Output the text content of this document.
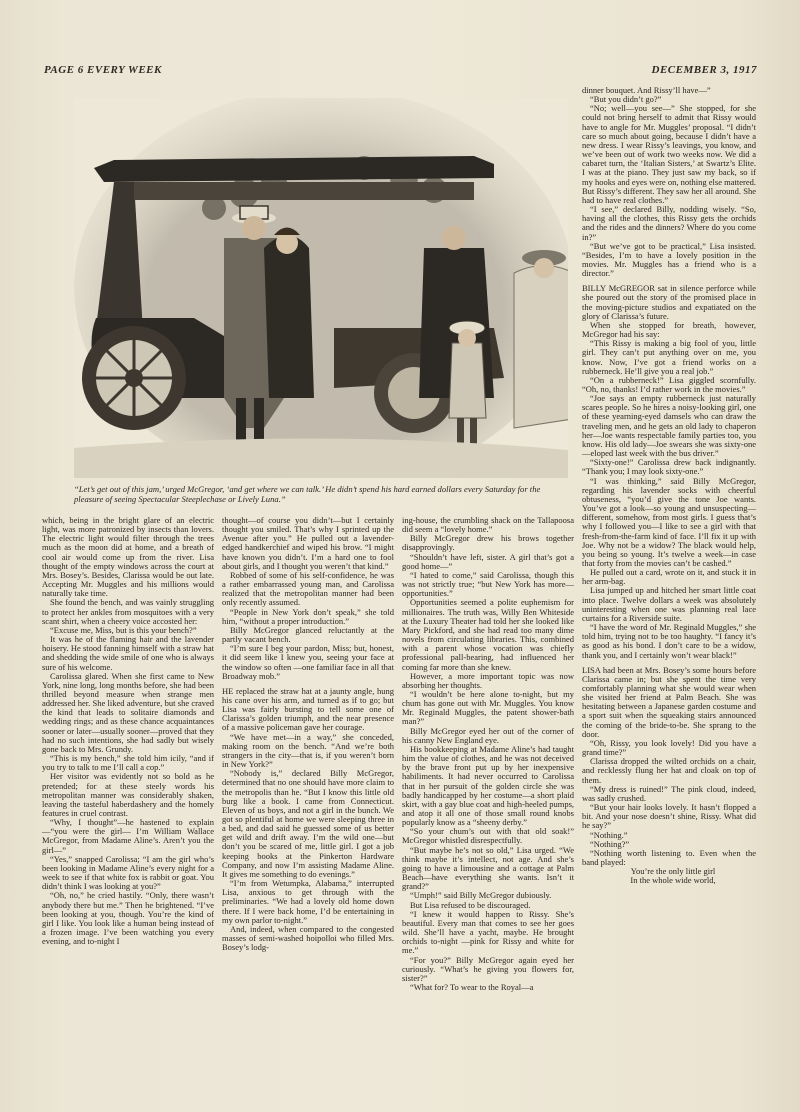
PAGE 6 EVERY WEEK	DECEMBER 3, 1917
“Let’s get out of this jam,’ urged McGregor, ‘and get where we can talk.’ He didn’t spend his hard earned dollars every Saturday for the pleasure of seeing Spectacular Steeplechase or Lively Luna.”

which, being in the bright glare of an electric light, was more patronized by insects than lovers. The electric light would filter through the trees much as the moon did at home, and a breath of cool air would come up from the river. Lisa thought of the empty windows across the court at Mrs. Bosey’s. Besides, Clarissa would be out late. Accepting Mr. Muggles and his millions would naturally take time.

She found the bench, and was vainly struggling to protect her ankles from mosquitoes with a very scant shirt, when a cheery voice accosted her:

“Excuse me, Miss, but is this your bench?”

It was he of the flaming hair and the lavender hoisery. He stood fanning himself with a straw hat and shedding the wide smile of one who is always sure of his welcome.

Carolissa glared. When she first came to New York, nine long, long months before, she had been thrilled beyond measure when strange men addressed her. She liked adventure, but she craved the kind that leads to solitaire diamonds and wedding rings; and as these chance acquaintances sooner or later—usually sooner—proved that they had no such intentions, she had sadly but wisely gone back to Mrs. Grundy.

“This is my bench,” she told him icily, “and if you try to talk to me I’ll call a cop.”

Her visitor was evidently not so bold as he pretended; for at these steely words his metropolitan manner was considerably shaken, leaving the tasteful haberdashery and the homely features in cruel contrast.

“Why, I thought”—he hastened to explain—“you were the girl— I’m William Wallace McGregor, from Madame Aline’s. Aren’t you the girl—”

“Yes,” snapped Carolissa; “I am the girl who’s been looking in Madame Aline’s every night for a week to see if that white fox is rabbit or goat. You didn’t think I was looking at you?”

“Oh, no,” he cried hastily. “Only, there wasn’t anybody there but me.” Then he brightened. “I’ve been looking at you, though. You’re the kind of girl I like. You look like a human being instead of a frozen image. I’ve been watching you every evening, and to-night I

thought—of course you didn’t—but I certainly thought you smiled. That’s why I sprinted up the Avenue after you.” He pulled out a lavender-edged handkerchief and wiped his brow. “I might have known you didn’t. I’m a hard one to fool about girls, and I thought you weren’t that kind.”

Robbed of some of his self-confidence, he was a rather embarrassed young man, and Carolissa realized that the metropolitan manner had been only recently assumed.

“People in New York don’t speak,” she told him, “without a proper introduction.”

Billy McGregor glanced reluctantly at the partly vacant bench.

“I’m sure I beg your pardon, Miss; but, honest, it did seem like I knew you, seeing your face at the window so often —one familiar face in all that Broadway mob.”

HE replaced the straw hat at a jaunty angle, hung his cane over his arm, and turned as if to go; but Lisa was fairly bursting to tell some one of Clarissa’s golden triumph, and the near presence of a massive policeman gave her courage.

“We have met—in a way,” she conceded, making room on the bench. “And we’re both strangers in the city—that is, if you weren’t born in New York?”

“Nobody is,” declared Billy McGregor, determined that no one should have more claim to the metropolis than he. “But I know this little old burg like a book. I came from Connecticut. Eleven of us boys, and not a girl in the bunch. We got so plentiful at home we were sleeping three in a bed, and dad said he guessed some of us better get wild and drift away. I’m the wild one—but don’t you be scared of me, little girl. I got a job keeping books at the Pinkerton Hardware Company, and now I’m assisting Madame Aline. It gives me something to do evenings.”

“I’m from Wetumpka, Alabama,” interrupted Lisa, anxious to get through with the preliminaries. “We had a lovely old home down there. If I were back home, I’d be entertaining in my own parlor to-night.”

And, indeed, when compared to the congested masses of semi-washed hoipolloi who filled Mrs. Bosey’s lodg-

ing-house, the crumbling shack on the Tallapoosa did seem a “lovely home.”

Billy McGregor drew his brows together disapprovingly.

“Shouldn’t have left, sister. A girl that’s got a good home—”

“I hated to come,” said Carolissa, though this was not strictly true; “but New York has more—opportunities.”

Opportunities seemed a polite euphemism for millionaires. The truth was, Willy Ben Whiteside at the Luxury Theater had told her she looked like Mary Pickford, and she had read too many dime novels from circulating libraries. This, combined with a parent whose vocation was chiefly professional pall-bearing, had influenced her coming far more than she knew.

However, a more important topic was now absorbing her thoughts.

“I wouldn’t be here alone to-night, but my chum has gone out with Mr. Muggles. You know Mr. Reginald Muggles, the patent shower-bath man?”

Billy McGregor eyed her out of the corner of his canny New England eye.

His bookkeeping at Madame Aline’s had taught him the value of clothes, and he was not deceived by the brave front put up by her inexpensive habiliments. It had never occurred to Carolissa that in her pursuit of the golden circle she was badly handicapped by her costume—a short plaid skirt, with a gay blue coat and high-heeled pumps, and atop it all one of those small round knobs popularly know as a “sheeny derby.”

“So your chum’s out with that old soak!” McGregor whistled disrespectfully.

“But maybe he’s not so old,” Lisa urged. “We think maybe it’s intellect, not age. And she’s going to have a limousine and a cottage at Palm Beach—have everything she wants. Isn’t it grand?”

“Umph!” said Billy McGregor dubiously.

But Lisa refused to be discouraged.

“I knew it would happen to Rissy. She’s beautiful. Every man that comes to see her goes wild. She’ll have a yacht, maybe. He brought orchids to-night —pink for Rissy and white for me.”

“For you?” Billy McGregor again eyed her curiously. “What’s he giving you flowers for, sister?”

“What for? To wear to the Royal—a

dinner bouquet. And Rissy’ll have—”

“But you didn’t go?”

“No; well—you see—” She stopped, for she could not bring herself to admit that Rissy would have to angle for Mr. Muggles’ proposal. “I didn’t care so much about going, because I didn’t have a new dress. I wear Rissy’s leavings, you know, and we’ve been out of work two weeks now. We did a cabaret turn, the ‘Italian Sisters,’ at Swartz’s Elite. I was at the piano. They just saw my back, so if my hooks and eyes were on, nothing else mattered. But Rissy’s different. They saw her all around. She had to have real clothes.”

“I see,” declared Billy, nodding wisely. “So, having all the clothes, this Rissy gets the orchids and the rides and the dinners? Where do you come in?”

“But we’ve got to be practical,” Lisa insisted. “Besides, I’m to have a lovely position in the movies. Mr. Muggles has a friend who is a director.”

BILLY McGREGOR sat in silence perforce while she poured out the story of the promised place in the moving-picture studios and expatiated on the glory of Clarissa’s future.

When she stopped for breath, however, McGregor had his say:

“This Rissy is making a big fool of you, little girl. They can’t put anything over on me, you know. Now, I’ve got a friend works on a rubberneck. He’ll give you a real job.”

“On a rubberneck!” Lisa giggled scornfully. “Oh, no, thanks! I’d rather work in the movies.”

“Joe says an empty rubberneck just naturally scares people. So he hires a noisy-looking girl, one of these yearning-eyed damsels who can draw the traveling men, and he gets an old lady to chaperon her—Joe wants respectable family parties too, you know. His old lady—Joe swears she was sixty-one—eloped last week with the bus driver.”

“Sixty-one!” Carolissa drew back indignantly. “Thank you; I may look sixty-one.”

“I was thinking,” said Billy McGregor, regarding his lavender socks with cheerful obtuseness, “you’d give the tone Joe wants. You’ve got a look—so young and unsuspecting—different, somehow, from most girls. I guess that’s why I followed you—I like to see a girl with that fresh-from-the-farm kind of face. I’ll fix it up with Joe. Why not be a widow? The black would help, you being so young. It’s twelve a week—in case that forty from the movies can’t be cashed.”

He pulled out a card, wrote on it, and stuck it in her arm-bag.

Lisa jumped up and hitched her smart little coat into place. Twelve dollars a week was absolutely uninteresting when one was planning real lace curtains for a Riverside suite.

“I have the word of Mr. Reginald Muggles,” she told him, trying not to be too haughty. “I fancy it’s as good as his bond. I don’t care to be a widow, thank you, and I certainly won’t wear black!”

LISA had been at Mrs. Bosey’s some hours before Clarissa came in; but she spent the time very comfortably planning what she would wear when she visited her friend at Palm Beach. She was hesitating between a Japanese garden costume and a sport suit when the squeaking stairs announced the coming of the bride-to-be. She sprang to the door.

“Oh, Rissy, you look lovely! Did you have a grand time?”

Clarissa dropped the wilted orchids on a chair, and recklessly flung her hat and cloak on top of them.

“My dress is ruined!” The pink cloud, indeed, was sadly crushed.

“But your hair looks lovely. It hasn’t flopped a bit. And your nose doesn’t shine, Rissy. What did he say?”

“Nothing.”

“Nothing?”

“Nothing worth listening to. Even when the band played:

You’re the only little girl
In the whole wide world,
